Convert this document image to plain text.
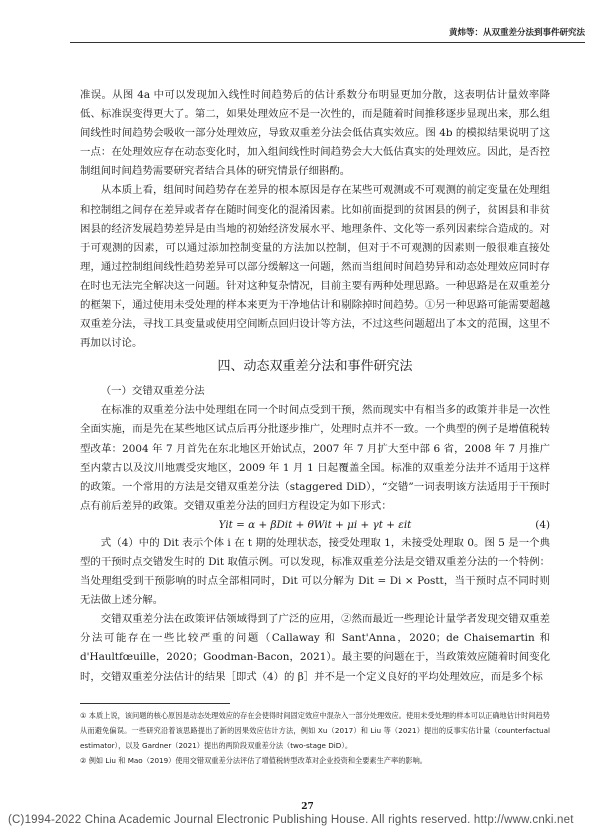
黄炜等：从双重差分法到事件研究法

准误。从图 4a 中可以发现加入线性时间趋势后的估计系数分布明显更加分散，这表明估计量效率降低、标准误变得更大了。第二，如果处理效应不是一次性的，而是随着时间推移逐步显现出来，那么组间线性时间趋势会吸收一部分处理效应，导致双重差分法会低估真实效应。图 4b 的模拟结果说明了这一点：在处理效应存在动态变化时，加入组间线性时间趋势会大大低估真实的处理效应。因此，是否控制组间时间趋势需要研究者结合具体的研究情景仔细斟酌。

从本质上看，组间时间趋势存在差异的根本原因是存在某些可观测或不可观测的前定变量在处理组和控制组之间存在差异或者存在随时间变化的混淆因素。比如前面提到的贫困县的例子，贫困县和非贫困县的经济发展趋势差异是由当地的初始经济发展水平、地理条件、文化等一系列因素综合造成的。对于可观测的因素，可以通过添加控制变量的方法加以控制，但对于不可观测的因素则一般很难直接处理，通过控制组间线性趋势差异可以部分缓解这一问题，然而当组间时间趋势异和动态处理效应同时存在时也无法完全解决这一问题。针对这种复杂情况，目前主要有两种处理思路。一种思路是在双重差分的框架下，通过使用未受处理的样本来更为干净地估计和剔除掉时间趋势。①另一种思路可能需要超越双重差分法，寻找工具变量或使用空间断点回归设计等方法，不过这些问题超出了本文的范围，这里不再加以讨论。

四、动态双重差分法和事件研究法
（一）交错双重差分法

在标准的双重差分法中处理组在同一个时间点受到干预，然而现实中有相当多的政策并非是一次性全面实施，而是先在某些地区试点后再分批逐步推广，处理时点并不一致。一个典型的例子是增值税转型改革：2004 年 7 月首先在东北地区开始试点，2007 年 7 月扩大至中部 6 省，2008 年 7 月推广至内蒙古以及汶川地震受灾地区，2009 年 1 月 1 日起覆盖全国。标准的双重差分法并不适用于这样的政策。一个常用的方法是交错双重差分法（staggered DiD），“交错”一词表明该方法适用于干预时点有前后差异的政策。交错双重差分法的回归方程设定为如下形式：

Yit = α + βDit + θWit + μi + γt + εit	(4)

式（4）中的 Dit 表示个体 i 在 t 期的处理状态，接受处理取 1，未接受处理取 0。图 5 是一个典型的干预时点交错发生时的 Dit 取值示例。可以发现，标准双重差分法是交错双重差分法的一个特例：当处理组受到干预影响的时点全部相同时，Dit 可以分解为 Dit = Di × Postt，当干预时点不同时则无法做上述分解。

交错双重差分法在政策评估领域得到了广泛的应用，②然而最近一些理论计量学者发现交错双重差分法可能存在一些比较严重的问题（Callaway 和 Sant'Anna，2020；de Chaisemartin 和 d'Haultfœuille，2020；Goodman-Bacon，2021）。最主要的问题在于，当政策效应随着时间变化时，交错双重差分法估计的结果［即式（4）的 β］并不是一个定义良好的平均处理效应，而是多个标

① 本质上说，该问题的核心原因是动态处理效应的存在会使得时间固定效应中混杂入一部分处理效应。使用未受处理的样本可以正确地估计时间趋势从而避免偏误。一些研究沿着该思路提出了新的因果效应估计方法，例如 Xu（2017）和 Liu 等（2021）提出的反事实估计量（counterfactual estimator），以及 Gardner（2021）提出的两阶段双重差分法（two-stage DiD）。

② 例如 Liu 和 Mao（2019）使用交错双重差分法评估了增值税转型改革对企业投资和全要素生产率的影响。

27
(C)1994-2022 China Academic Journal Electronic Publishing House. All rights reserved. http://www.cnki.net
